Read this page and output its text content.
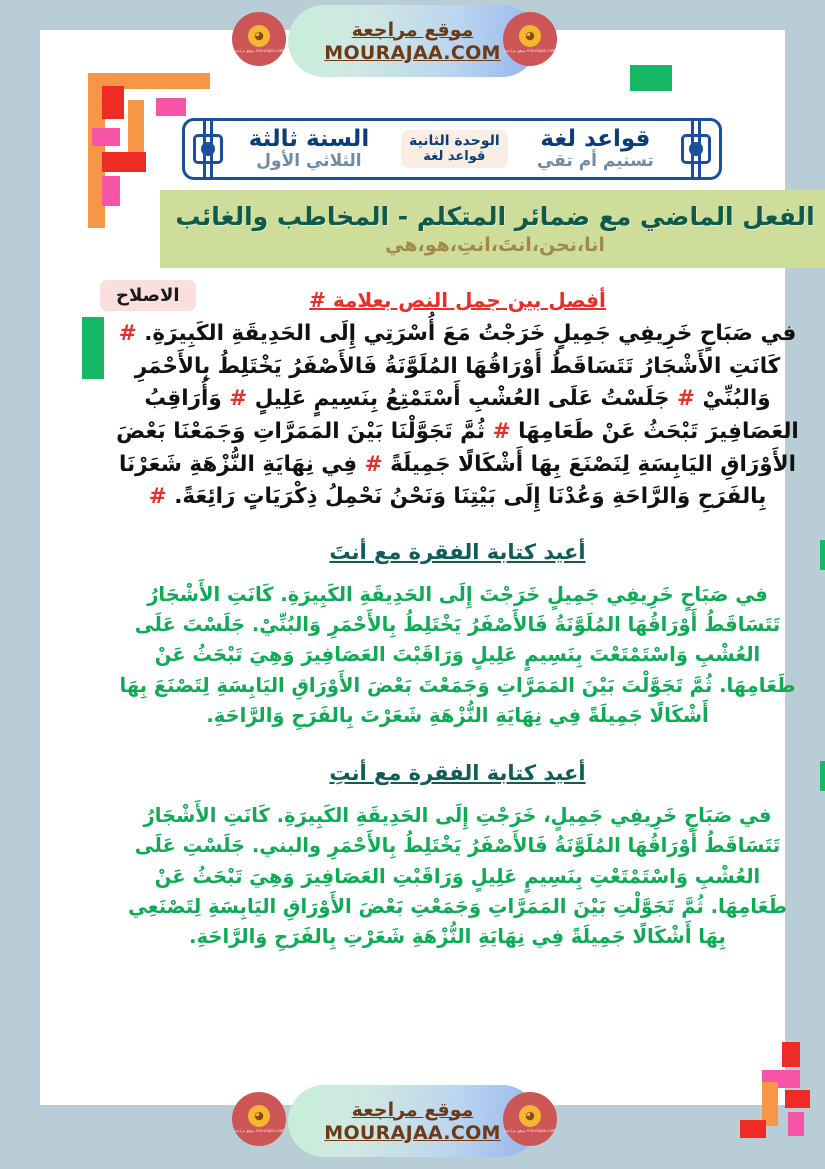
قواعد لغة
تسنيم أم تقي
الوحدة الثانية
قواعد لغة
السنة ثالثة
الثلاثي الأول
الفعل الماضي مع ضمائر المتكلم - المخاطب والغائب
انا،نحن،انتَ،انتِ،هو،هي
الاصلاح	أفصل بين جمل النص بعلامة #
في صَبَاحٍ خَرِيفِي جَمِيلٍ خَرَجْتُ مَعَ أُسْرَتِي إِلَى الحَدِيقَةِ الكَبِيرَةِ. # كَانَتِ الأَشْجَارُ تَتَسَاقَطُ أَوْرَاقُهَا المُلَوَّنَةُ فَالأَصْفَرُ يَخْتَلِطُ بِالأَحْمَرِ وَالبُنِّيْ # جَلَسْتُ عَلَى العُشْبِ أَسْتَمْتِعُ بِنَسِيمٍ عَلِيلٍ # وَأُرَاقِبُ العَصَافِيرَ تَبْحَثُ عَنْ طَعَامِهَا # ثُمَّ تَجَوَّلْنَا بَيْنَ المَمَرَّاتِ وَجَمَعْنَا بَعْضَ الأَوْرَاقِ اليَابِسَةِ لِنَصْنَعَ بِهَا أَشْكَالًا جَمِيلَةً # فِي نِهَايَةِ النُّزْهَةِ شَعَرْنَا بِالفَرَحِ وَالرَّاحَةِ وَعُدْنَا إِلَى بَيْتِنَا وَنَحْنُ نَحْمِلُ ذِكْرَيَاتٍ رَائِعَةً. #
أعيد كتابة الفقرة مع أنتَ
في صَبَاحٍ خَرِيفِي جَمِيلٍ خَرَجْتَ إِلَى الحَدِيقَةِ الكَبِيرَةِ. كَانَتِ الأَشْجَارُ تَتَسَاقَطُ أَوْرَاقُهَا المُلَوَّنَةُ فَالأَصْفَرُ يَخْتَلِطُ بِالأَحْمَرِ وَالبُنِّيْ. جَلَسْتَ عَلَى العُشْبِ وَاسْتَمْتَعْتَ بِنَسِيمٍ عَلِيلٍ وَرَاقَبْتَ العَصَافِيرَ وَهِيَ تَبْحَثُ عَنْ طَعَامِهَا. ثُمَّ تَجَوَّلْتَ بَيْنَ المَمَرَّاتِ وَجَمَعْتَ بَعْضَ الأَوْرَاقِ اليَابِسَةِ لِتَصْنَعَ بِهَا أَشْكَالًا جَمِيلَةً فِي نِهَايَةِ النُّزْهَةِ شَعَرْتَ بِالفَرَحِ وَالرَّاحَةِ.
أعيد كتابة الفقرة مع أنتِ
في صَبَاحٍ خَرِيفِي جَمِيلٍ، خَرَجْتِ إِلَى الحَدِيقَةِ الكَبِيرَةِ. كَانَتِ الأَشْجَارُ تَتَسَاقَطُ أَوْرَاقُهَا المُلَوَّنَةُ فَالأَصْفَرُ يَخْتَلِطُ بِالأَحْمَرِ والبني. جَلَسْتِ عَلَى العُشْبِ وَاسْتَمْتَعْتِ بِنَسِيمٍ عَلِيلٍ وَرَاقَبْتِ العَصَافِيرَ وَهِيَ تَبْحَثُ عَنْ طَعَامِهَا. ثُمَّ تَجَوَّلْتِ بَيْنَ المَمَرَّاتِ وَجَمَعْتِ بَعْضَ الأَوْرَاقِ اليَابِسَةِ لِتَصْنَعِي بِهَا أَشْكَالًا جَمِيلَةً فِي نِهَايَةِ النُّزْهَةِ شَعَرْتِ بِالفَرَحِ وَالرَّاحَةِ.
موقع مراجعة
MOURAJAA.COM
◕
موقع مراجعة mourajaa.com
◕
موقع مراجعة mourajaa.com
موقع مراجعة
MOURAJAA.COM
◕
موقع مراجعة mourajaa.com
◕
موقع مراجعة mourajaa.com
